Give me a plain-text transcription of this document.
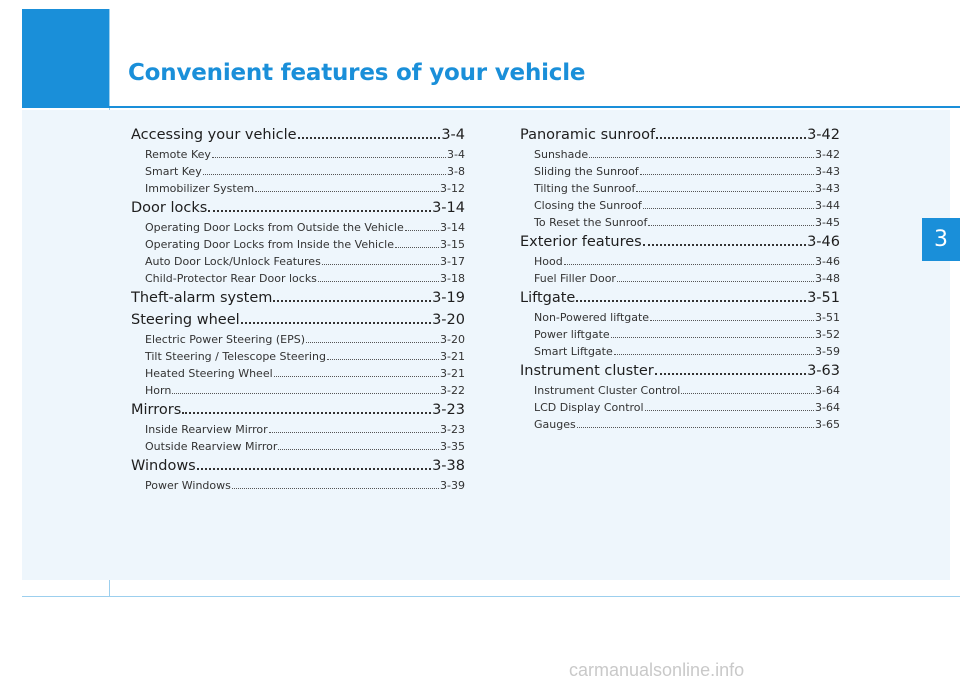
Convenient features of your vehicle
Accessing your vehicle	3-4
Remote Key	3-4
Smart Key	3-8
Immobilizer System	3-12
Door locks	3-14
Operating Door Locks from Outside the Vehicle	3-14
Operating Door Locks from Inside the Vehicle	3-15
Auto Door Lock/Unlock Features	3-17
Child-Protector Rear Door locks	3-18
Theft-alarm system	3-19
Steering wheel	3-20
Electric Power Steering (EPS)	3-20
Tilt Steering / Telescope Steering	3-21
Heated Steering Wheel	3-21
Horn	3-22
Mirrors	3-23
Inside Rearview Mirror	3-23
Outside Rearview Mirror	3-35
Windows	3-38
Power Windows	3-39
Panoramic sunroof	3-42
Sunshade	3-42
Sliding the Sunroof	3-43
Tilting the Sunroof	3-43
Closing the Sunroof	3-44
To Reset the Sunroof	3-45
Exterior features	3-46
Hood	3-46
Fuel Filler Door	3-48
Liftgate	3-51
Non-Powered liftgate	3-51
Power liftgate	3-52
Smart Liftgate	3-59
Instrument cluster	3-63
Instrument Cluster Control	3-64
LCD Display Control	3-64
Gauges	3-65
3
carmanualsonline.info
